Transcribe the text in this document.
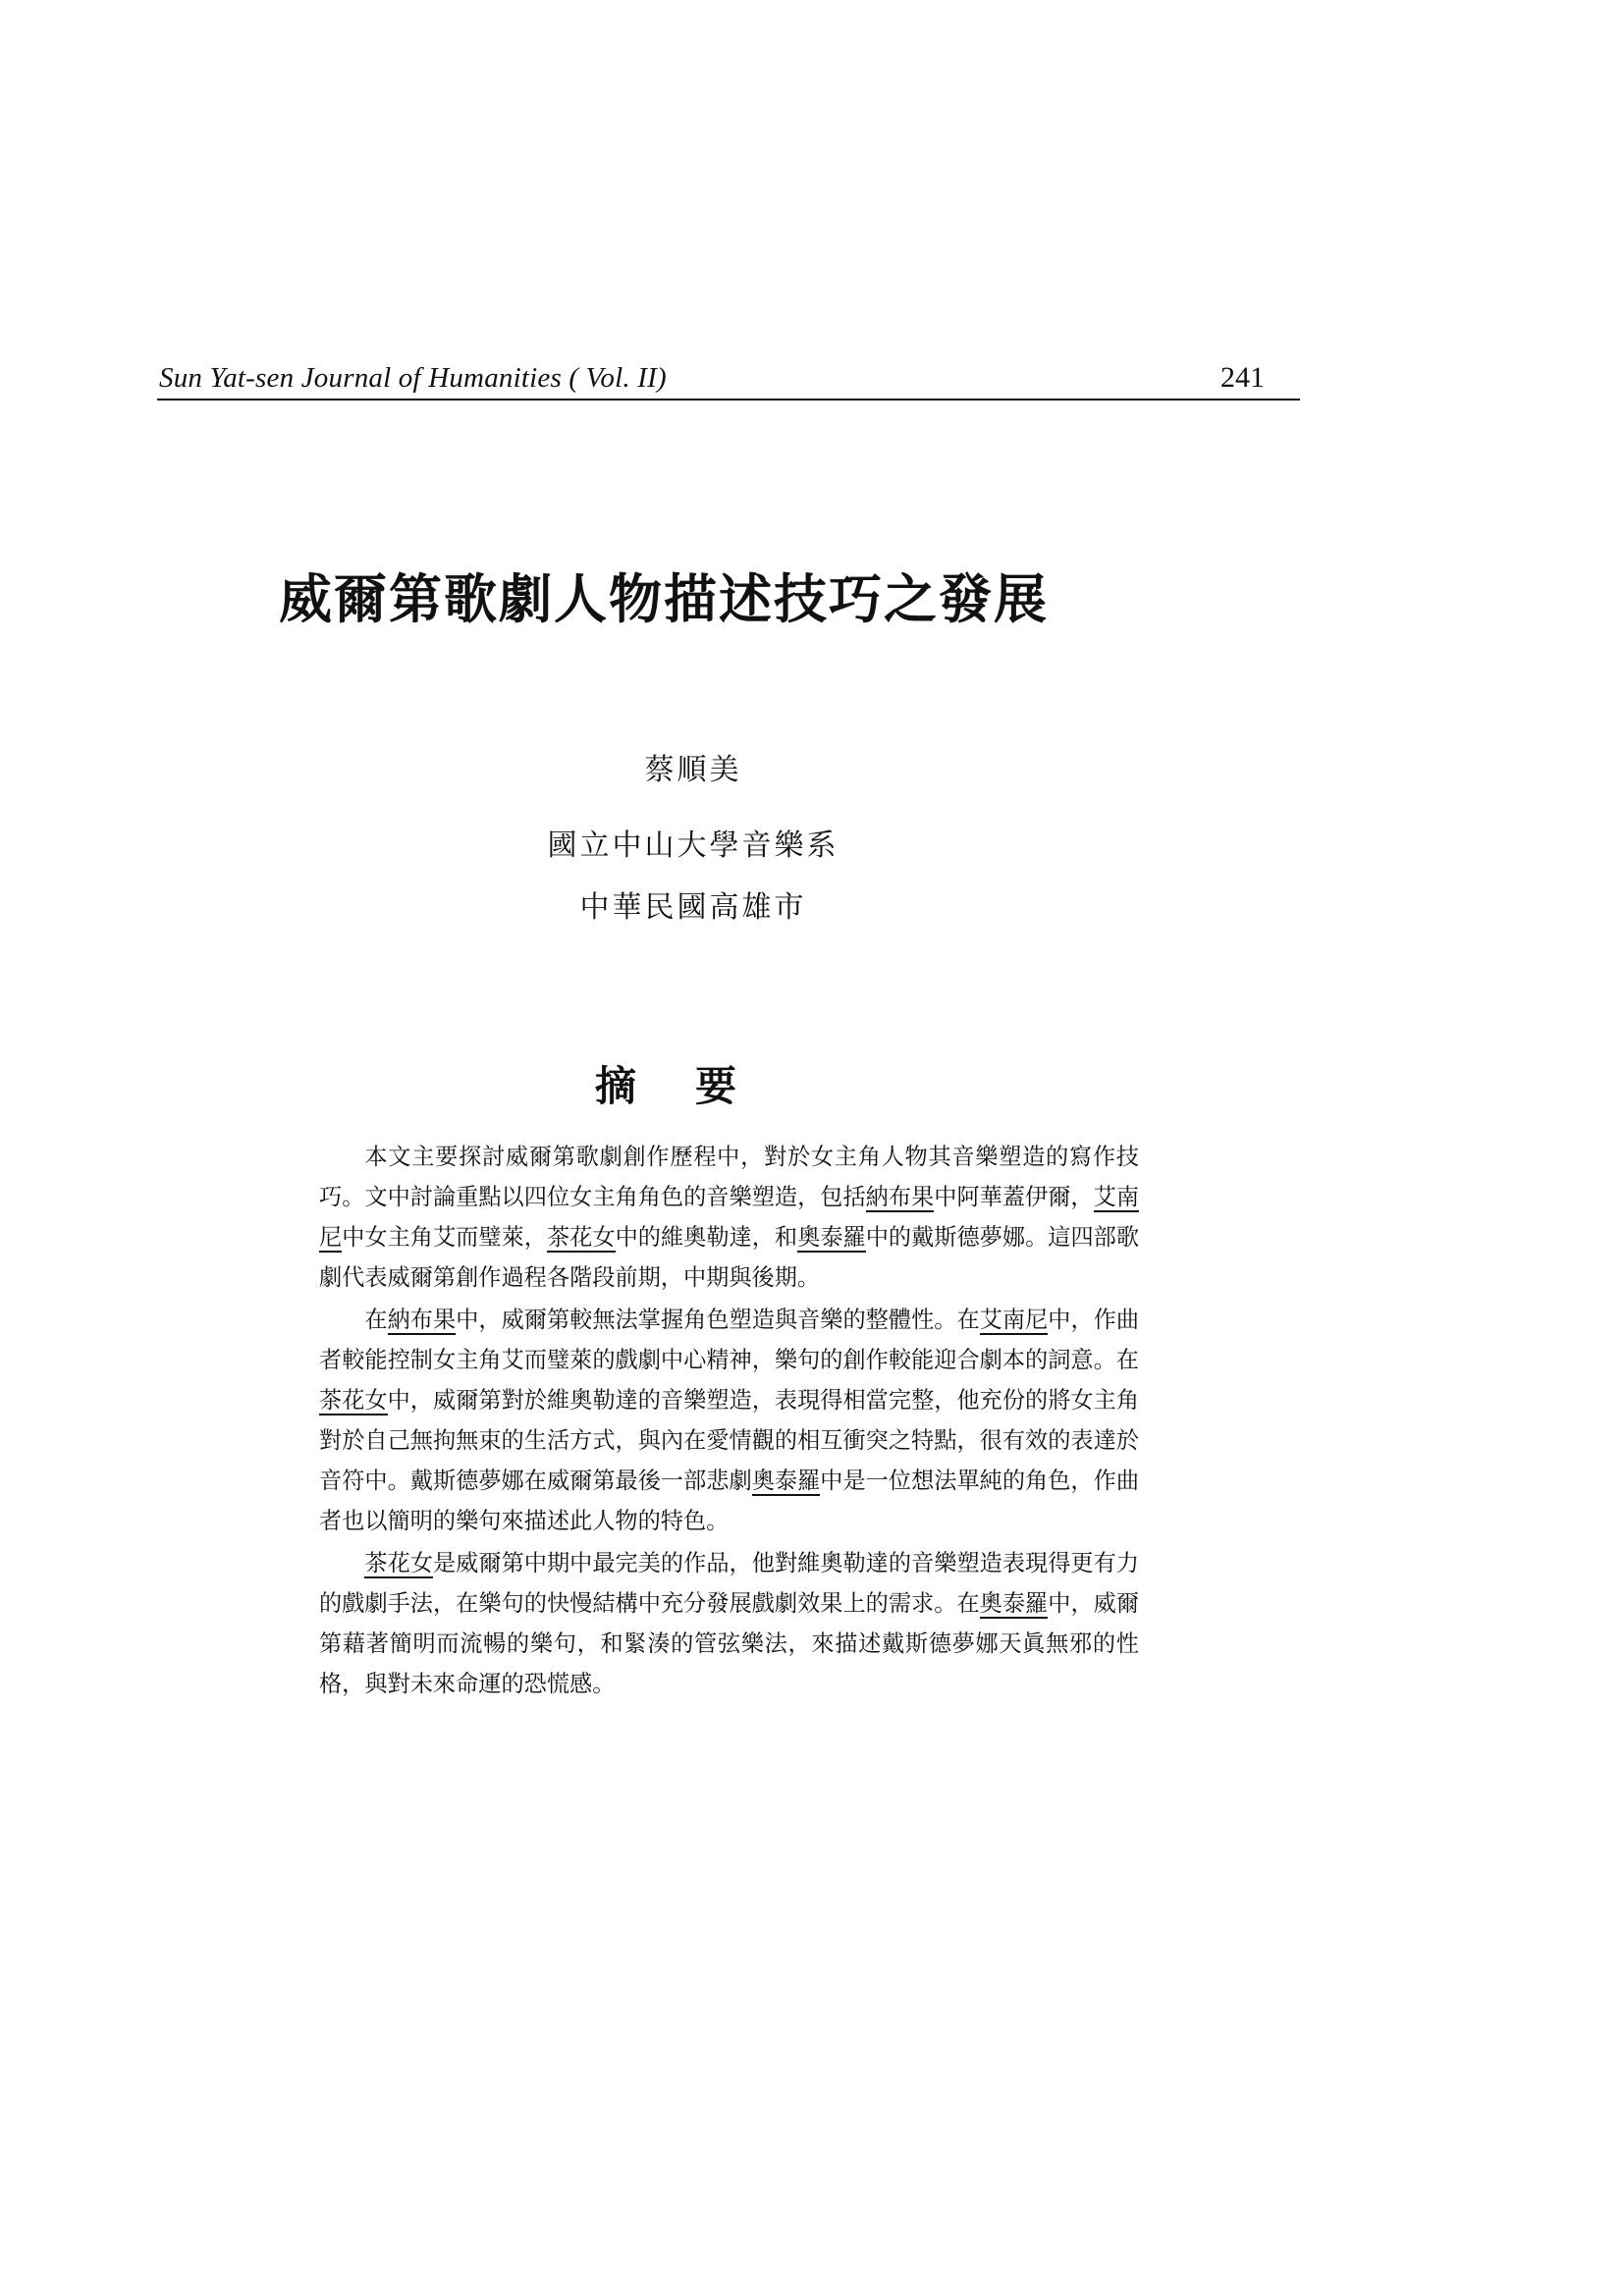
Sun Yat-sen Journal of Humanities ( Vol. II)	241
威爾第歌劇人物描述技巧之發展
蔡順美
國立中山大學音樂系
中華民國高雄市
摘要

本文主要探討威爾第歌劇創作歷程中，對於女主角人物其音樂塑造的寫作技巧。文中討論重點以四位女主角角色的音樂塑造，包括納布果中阿華蓋伊爾，艾南尼中女主角艾而璧萊，茶花女中的維奧勒達，和奧泰羅中的戴斯德夢娜。這四部歌劇代表威爾第創作過程各階段前期，中期與後期。

在納布果中，威爾第較無法掌握角色塑造與音樂的整體性。在艾南尼中，作曲者較能控制女主角艾而璧萊的戲劇中心精神，樂句的創作較能迎合劇本的詞意。在茶花女中，威爾第對於維奧勒達的音樂塑造，表現得相當完整，他充份的將女主角對於自己無拘無束的生活方式，與內在愛情觀的相互衝突之特點，很有效的表達於音符中。戴斯德夢娜在威爾第最後一部悲劇奧泰羅中是一位想法單純的角色，作曲者也以簡明的樂句來描述此人物的特色。

茶花女是威爾第中期中最完美的作品，他對維奧勒達的音樂塑造表現得更有力的戲劇手法，在樂句的快慢結構中充分發展戲劇效果上的需求。在奧泰羅中，威爾第藉著簡明而流暢的樂句，和緊湊的管弦樂法，來描述戴斯德夢娜天眞無邪的性格，與對未來命運的恐慌感。
